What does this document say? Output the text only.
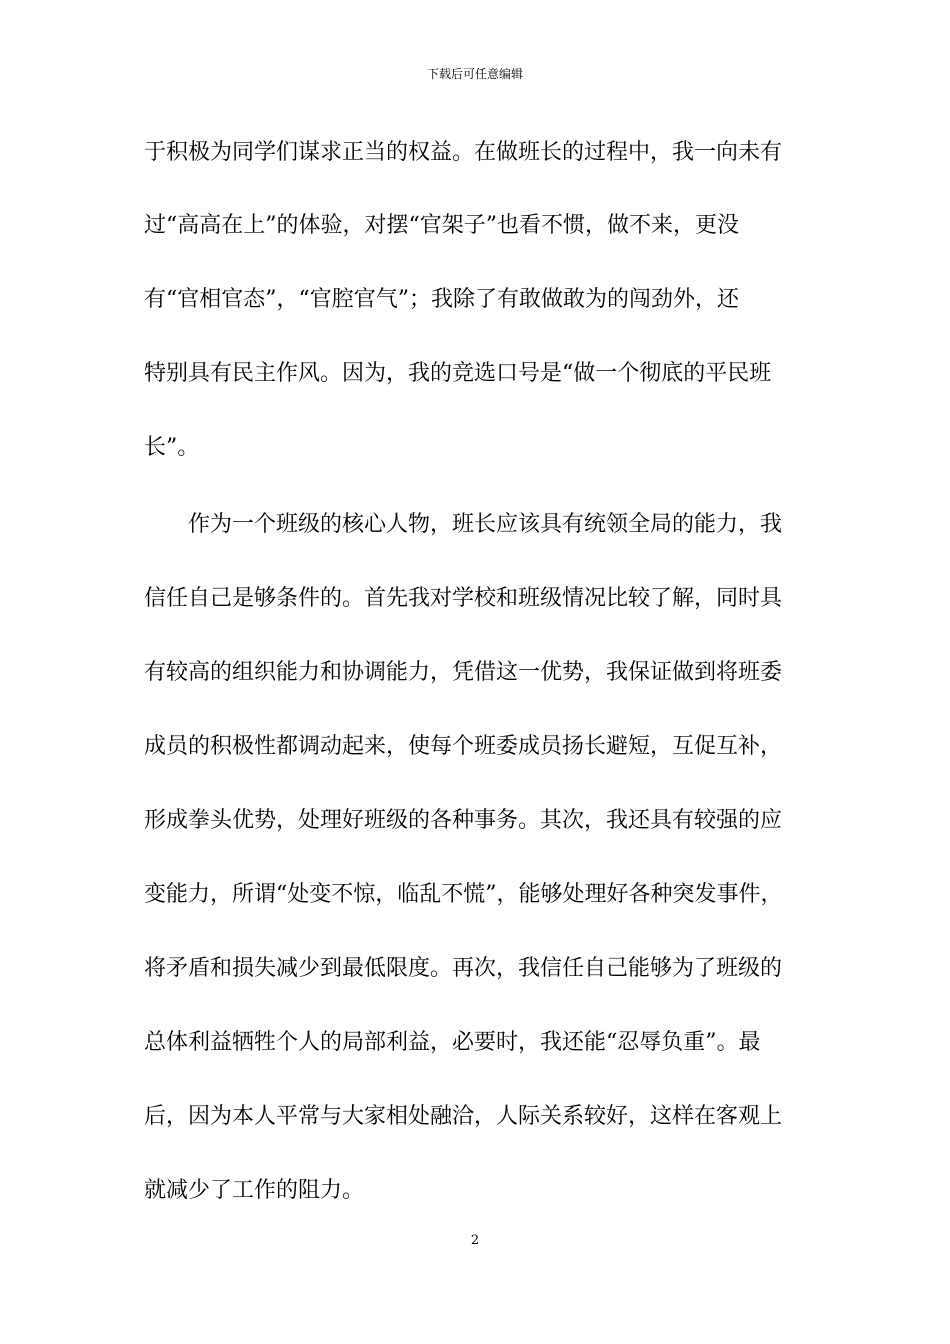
下载后可任意编辑
于积极为同学们谋求正当的权益。在做班长的过程中，我一向未有
过“高高在上”的体验，对摆“官架子”也看不惯，做不来，更没
有“官相官态”，“官腔官气”；我除了有敢做敢为的闯劲外，还
特别具有民主作风。因为，我的竞选口号是“做一个彻底的平民班
长”。
作为一个班级的核心人物，班长应该具有统领全局的能力，我
信任自己是够条件的。首先我对学校和班级情况比较了解，同时具
有较高的组织能力和协调能力，凭借这一优势，我保证做到将班委
成员的积极性都调动起来，使每个班委成员扬长避短，互促互补，
形成拳头优势，处理好班级的各种事务。其次，我还具有较强的应
变能力，所谓“处变不惊，临乱不慌”，能够处理好各种突发事件，
将矛盾和损失减少到最低限度。再次，我信任自己能够为了班级的
总体利益牺牲个人的局部利益，必要时，我还能“忍辱负重”。最
后，因为本人平常与大家相处融洽，人际关系较好，这样在客观上
就减少了工作的阻力。
2
